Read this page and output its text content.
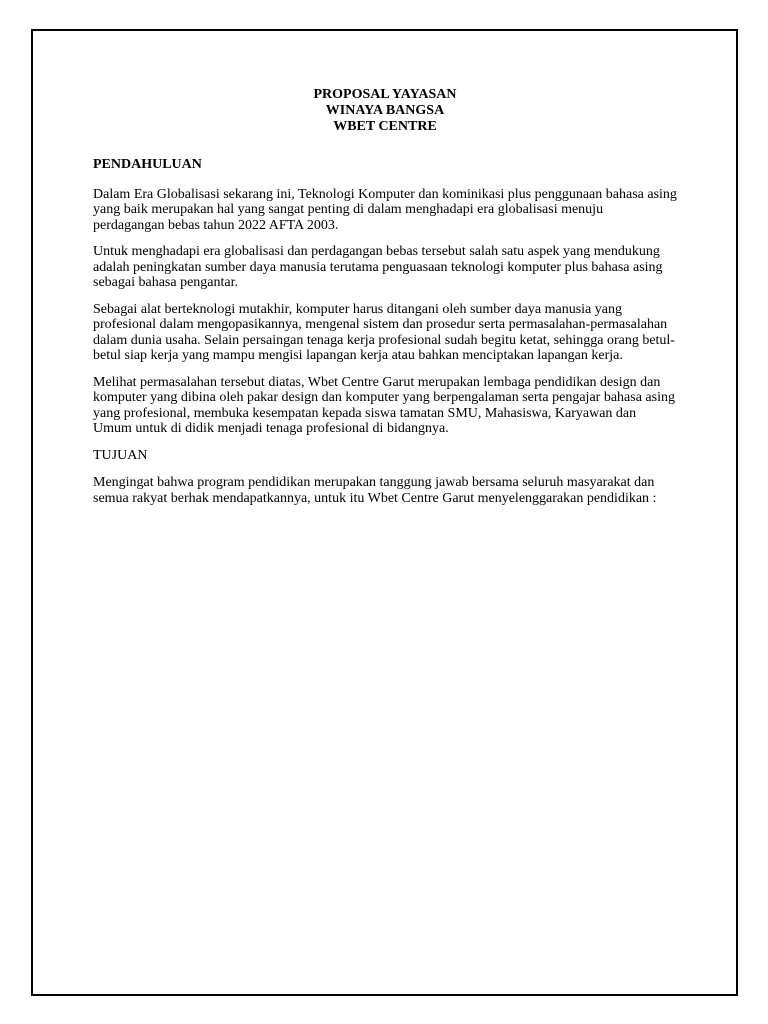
PROPOSAL YAYASAN
WINAYA BANGSA
WBET CENTRE
PENDAHULUAN

Dalam Era Globalisasi sekarang ini, Teknologi Komputer dan kominikasi plus penggunaan bahasa asing yang baik merupakan hal yang sangat penting di dalam menghadapi era globalisasi menuju perdagangan bebas tahun 2022 AFTA 2003.

Untuk menghadapi era globalisasi dan perdagangan bebas tersebut salah satu aspek yang mendukung adalah peningkatan sumber daya manusia terutama penguasaan teknologi komputer plus bahasa asing sebagai bahasa pengantar.

Sebagai alat berteknologi mutakhir, komputer harus ditangani oleh sumber daya manusia yang profesional dalam mengopasikannya, mengenal sistem dan prosedur serta permasalahan-permasalahan dalam dunia usaha. Selain persaingan tenaga kerja profesional sudah begitu ketat, sehingga orang betul-betul siap kerja yang mampu mengisi lapangan kerja atau bahkan menciptakan lapangan kerja.

Melihat permasalahan tersebut diatas, Wbet Centre Garut merupakan lembaga pendidikan design dan komputer yang dibina oleh pakar design dan komputer yang berpengalaman serta pengajar bahasa asing yang profesional, membuka kesempatan kepada siswa tamatan SMU, Mahasiswa, Karyawan dan Umum untuk di didik menjadi tenaga profesional di bidangnya.

TUJUAN

Mengingat bahwa program pendidikan merupakan tanggung jawab bersama seluruh masyarakat dan semua rakyat berhak mendapatkannya, untuk itu Wbet Centre Garut menyelenggarakan pendidikan :
